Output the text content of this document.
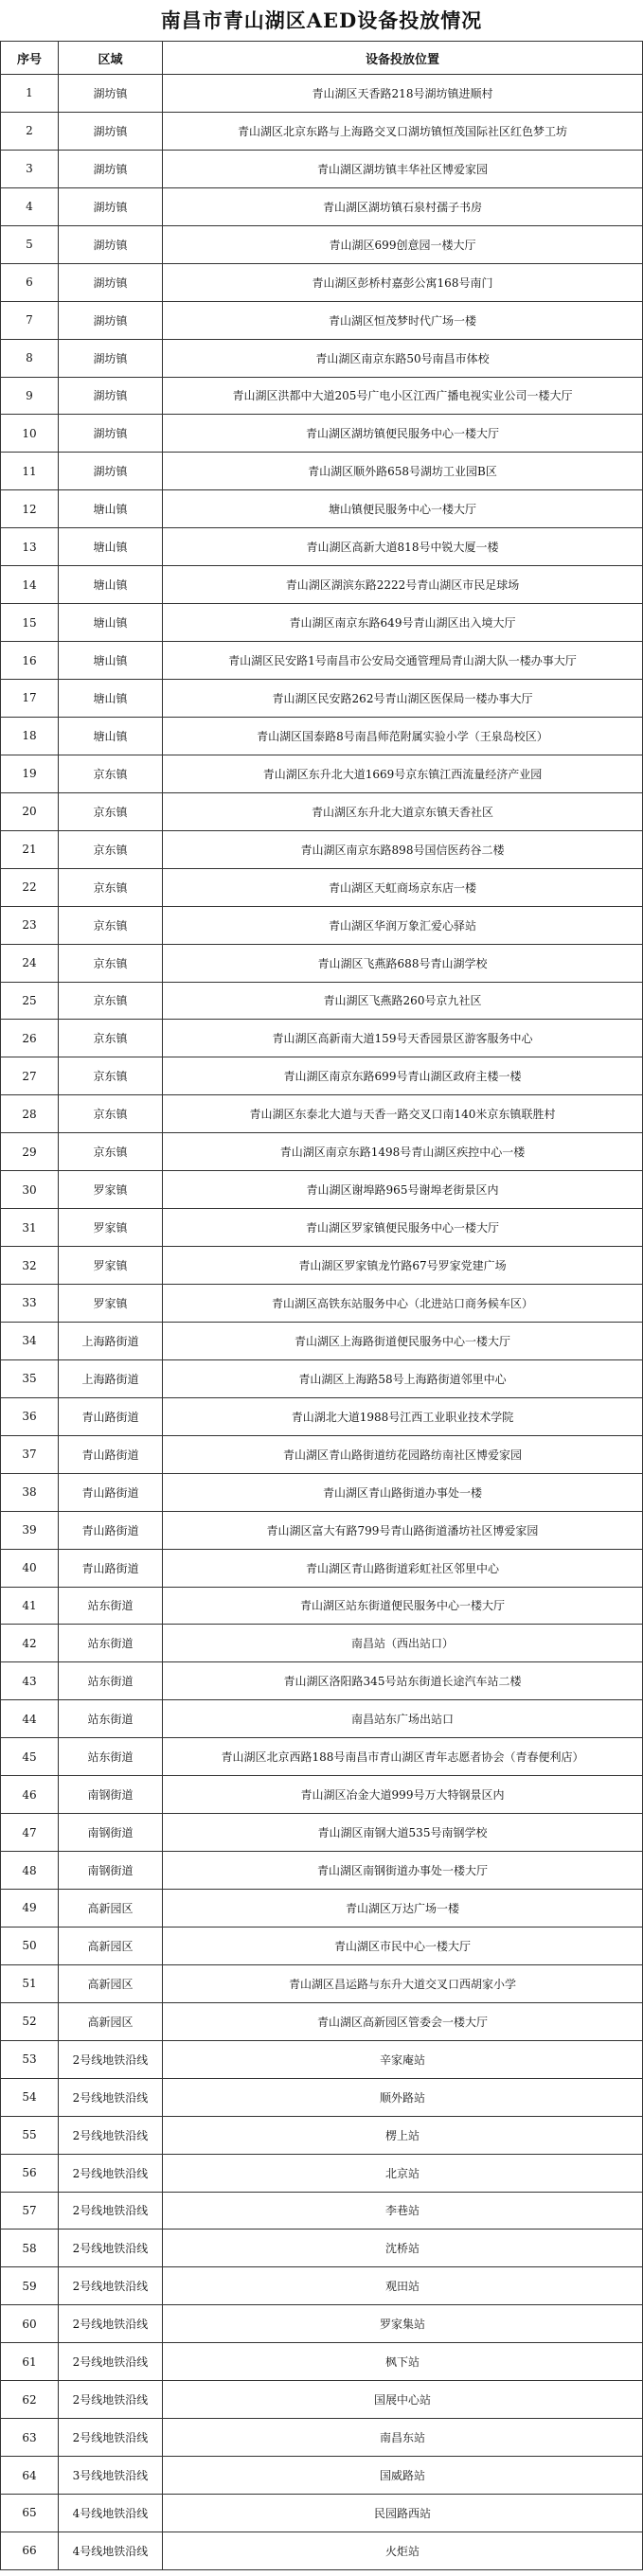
南昌市青山湖区AED设备投放情况
序号	区域	设备投放位置
1	湖坊镇	青山湖区天香路218号湖坊镇进顺村
2	湖坊镇	青山湖区北京东路与上海路交叉口湖坊镇恒茂国际社区红色梦工坊
3	湖坊镇	青山湖区湖坊镇丰华社区博爱家园
4	湖坊镇	青山湖区湖坊镇石泉村孺子书房
5	湖坊镇	青山湖区699创意园一楼大厅
6	湖坊镇	青山湖区彭桥村嘉彭公寓168号南门
7	湖坊镇	青山湖区恒茂梦时代广场一楼
8	湖坊镇	青山湖区南京东路50号南昌市体校
9	湖坊镇	青山湖区洪都中大道205号广电小区江西广播电视实业公司一楼大厅
10	湖坊镇	青山湖区湖坊镇便民服务中心一楼大厅
11	湖坊镇	青山湖区顺外路658号湖坊工业园B区
12	塘山镇	塘山镇便民服务中心一楼大厅
13	塘山镇	青山湖区高新大道818号中锐大厦一楼
14	塘山镇	青山湖区湖滨东路2222号青山湖区市民足球场
15	塘山镇	青山湖区南京东路649号青山湖区出入境大厅
16	塘山镇	青山湖区民安路1号南昌市公安局交通管理局青山湖大队一楼办事大厅
17	塘山镇	青山湖区民安路262号青山湖区医保局一楼办事大厅
18	塘山镇	青山湖区国泰路8号南昌师范附属实验小学（王泉岛校区）
19	京东镇	青山湖区东升北大道1669号京东镇江西流量经济产业园
20	京东镇	青山湖区东升北大道京东镇天香社区
21	京东镇	青山湖区南京东路898号国信医药谷二楼
22	京东镇	青山湖区天虹商场京东店一楼
23	京东镇	青山湖区华润万象汇爱心驿站
24	京东镇	青山湖区飞燕路688号青山湖学校
25	京东镇	青山湖区飞燕路260号京九社区
26	京东镇	青山湖区高新南大道159号天香园景区游客服务中心
27	京东镇	青山湖区南京东路699号青山湖区政府主楼一楼
28	京东镇	青山湖区东泰北大道与天香一路交叉口南140米京东镇联胜村
29	京东镇	青山湖区南京东路1498号青山湖区疾控中心一楼
30	罗家镇	青山湖区谢埠路965号谢埠老街景区内
31	罗家镇	青山湖区罗家镇便民服务中心一楼大厅
32	罗家镇	青山湖区罗家镇龙竹路67号罗家党建广场
33	罗家镇	青山湖区高铁东站服务中心（北进站口商务候车区）
34	上海路街道	青山湖区上海路街道便民服务中心一楼大厅
35	上海路街道	青山湖区上海路58号上海路街道邻里中心
36	青山路街道	青山湖北大道1988号江西工业职业技术学院
37	青山路街道	青山湖区青山路街道纺花园路纺南社区博爱家园
38	青山路街道	青山湖区青山路街道办事处一楼
39	青山路街道	青山湖区富大有路799号青山路街道潘坊社区博爱家园
40	青山路街道	青山湖区青山路街道彩虹社区邻里中心
41	站东街道	青山湖区站东街道便民服务中心一楼大厅
42	站东街道	南昌站（西出站口）
43	站东街道	青山湖区洛阳路345号站东街道长途汽车站二楼
44	站东街道	南昌站东广场出站口
45	站东街道	青山湖区北京西路188号南昌市青山湖区青年志愿者协会（青春便利店）
46	南钢街道	青山湖区冶金大道999号万大特钢景区内
47	南钢街道	青山湖区南钢大道535号南钢学校
48	南钢街道	青山湖区南钢街道办事处一楼大厅
49	高新园区	青山湖区万达广场一楼
50	高新园区	青山湖区市民中心一楼大厅
51	高新园区	青山湖区昌运路与东升大道交叉口西胡家小学
52	高新园区	青山湖区高新园区管委会一楼大厅
53	2号线地铁沿线	辛家庵站
54	2号线地铁沿线	顺外路站
55	2号线地铁沿线	楞上站
56	2号线地铁沿线	北京站
57	2号线地铁沿线	李巷站
58	2号线地铁沿线	沈桥站
59	2号线地铁沿线	观田站
60	2号线地铁沿线	罗家集站
61	2号线地铁沿线	枫下站
62	2号线地铁沿线	国展中心站
63	2号线地铁沿线	南昌东站
64	3号线地铁沿线	国威路站
65	4号线地铁沿线	民园路西站
66	4号线地铁沿线	火炬站
